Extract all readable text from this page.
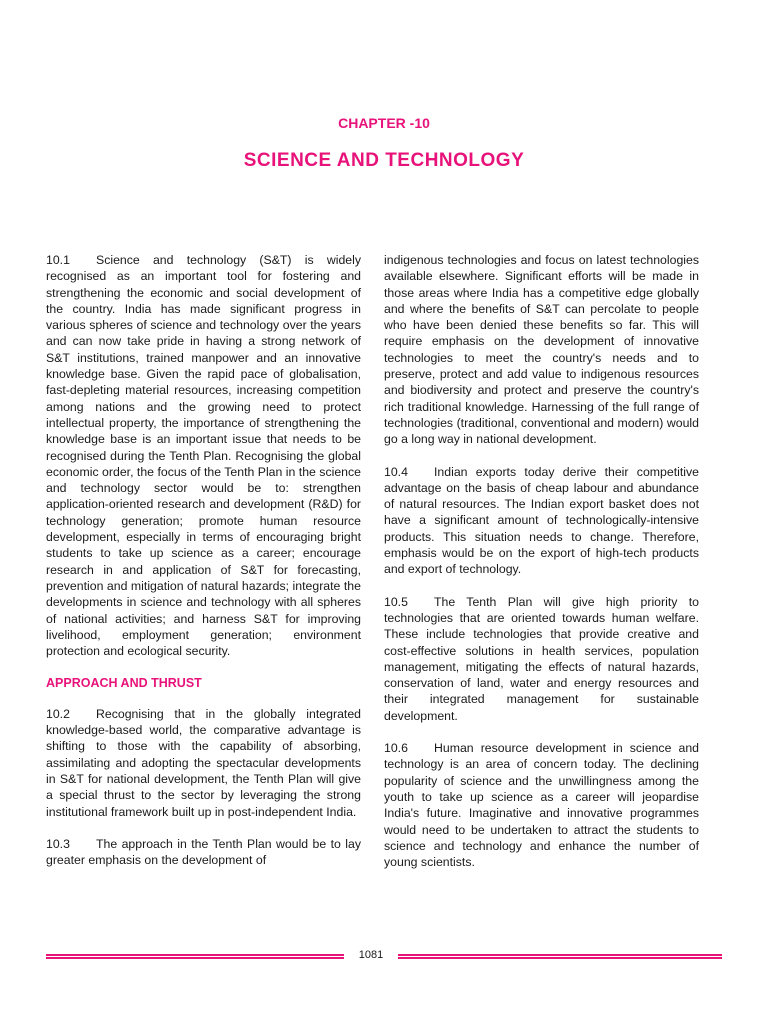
CHAPTER -10
SCIENCE AND TECHNOLOGY

10.1 Science and technology (S&T) is widely recognised as an important tool for fostering and strengthening the economic and social development of the country. India has made significant progress in various spheres of science and technology over the years and can now take pride in having a strong network of S&T institutions, trained manpower and an innovative knowledge base. Given the rapid pace of globalisation, fast-depleting material resources, increasing competition among nations and the growing need to protect intellectual property, the importance of strengthening the knowledge base is an important issue that needs to be recognised during the Tenth Plan. Recognising the global economic order, the focus of the Tenth Plan in the science and technology sector would be to: strengthen application-oriented research and development (R&D) for technology generation; promote human resource development, especially in terms of encouraging bright students to take up science as a career; encourage research in and application of S&T for forecasting, prevention and mitigation of natural hazards; integrate the developments in science and technology with all spheres of national activities; and harness S&T for improving livelihood, employment generation; environment protection and ecological security.

APPROACH AND THRUST

10.2 Recognising that in the globally integrated knowledge-based world, the comparative advantage is shifting to those with the capability of absorbing, assimilating and adopting the spectacular developments in S&T for national development, the Tenth Plan will give a special thrust to the sector by leveraging the strong institutional framework built up in post-independent India.

10.3 The approach in the Tenth Plan would be to lay greater emphasis on the development of

indigenous technologies and focus on latest technologies available elsewhere. Significant efforts will be made in those areas where India has a competitive edge globally and where the benefits of S&T can percolate to people who have been denied these benefits so far. This will require emphasis on the development of innovative technologies to meet the country's needs and to preserve, protect and add value to indigenous resources and biodiversity and protect and preserve the country's rich traditional knowledge. Harnessing of the full range of technologies (traditional, conventional and modern) would go a long way in national development.

10.4 Indian exports today derive their competitive advantage on the basis of cheap labour and abundance of natural resources. The Indian export basket does not have a significant amount of technologically-intensive products. This situation needs to change. Therefore, emphasis would be on the export of high-tech products and export of technology.

10.5 The Tenth Plan will give high priority to technologies that are oriented towards human welfare. These include technologies that provide creative and cost-effective solutions in health services, population management, mitigating the effects of natural hazards, conservation of land, water and energy resources and their integrated management for sustainable development.

10.6 Human resource development in science and technology is an area of concern today. The declining popularity of science and the unwillingness among the youth to take up science as a career will jeopardise India's future. Imaginative and innovative programmes would need to be undertaken to attract the students to science and technology and enhance the number of young scientists.

1081
